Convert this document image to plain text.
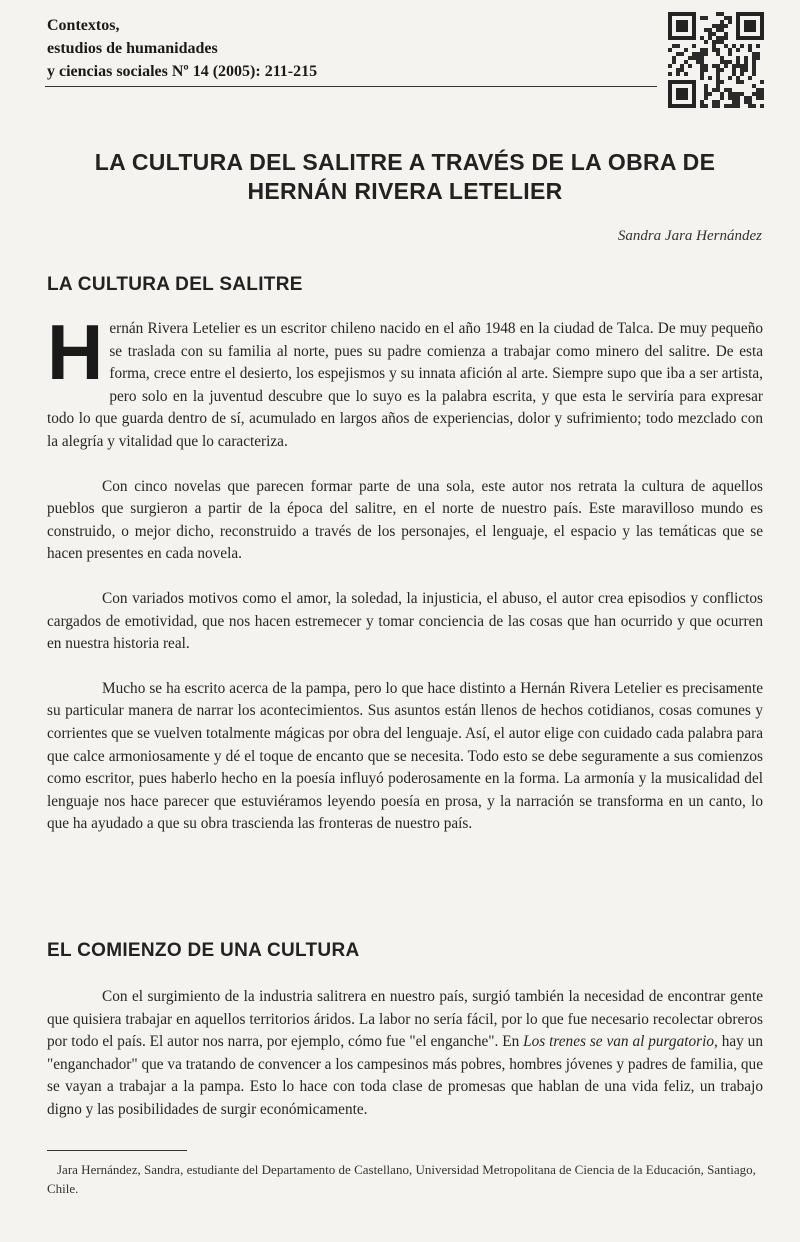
Contextos,
estudios de humanidades
y ciencias sociales Nº 14 (2005): 211-215
LA CULTURA DEL SALITRE A TRAVÉS DE LA OBRA DE
HERNÁN RIVERA LETELIER
Sandra Jara Hernández
LA CULTURA DEL SALITRE

Hernán Rivera Letelier es un escritor chileno nacido en el año 1948 en la ciudad de Talca. De muy pequeño se traslada con su familia al norte, pues su padre comienza a trabajar como minero del salitre. De esta forma, crece entre el desierto, los espejismos y su innata afición al arte. Siempre supo que iba a ser artista, pero solo en la juventud descubre que lo suyo es la palabra escrita, y que esta le serviría para expresar todo lo que guarda dentro de sí, acumulado en largos años de experiencias, dolor y sufrimiento; todo mezclado con la alegría y vitalidad que lo caracteriza.

Con cinco novelas que parecen formar parte de una sola, este autor nos retrata la cultura de aquellos pueblos que surgieron a partir de la época del salitre, en el norte de nuestro país. Este maravilloso mundo es construido, o mejor dicho, reconstruido a través de los personajes, el lenguaje, el espacio y las temáticas que se hacen presentes en cada novela.

Con variados motivos como el amor, la soledad, la injusticia, el abuso, el autor crea episodios y conflictos cargados de emotividad, que nos hacen estremecer y tomar conciencia de las cosas que han ocurrido y que ocurren en nuestra historia real.

Mucho se ha escrito acerca de la pampa, pero lo que hace distinto a Hernán Rivera Letelier es precisamente su particular manera de narrar los acontecimientos. Sus asuntos están llenos de hechos cotidianos, cosas comunes y corrientes que se vuelven totalmente mágicas por obra del lenguaje. Así, el autor elige con cuidado cada palabra para que calce armoniosamente y dé el toque de encanto que se necesita. Todo esto se debe seguramente a sus comienzos como escritor, pues haberlo hecho en la poesía influyó poderosamente en la forma. La armonía y la musicalidad del lenguaje nos hace parecer que estuviéramos leyendo poesía en prosa, y la narración se transforma en un canto, lo que ha ayudado a que su obra trascienda las fronteras de nuestro país.

EL COMIENZO DE UNA CULTURA

Con el surgimiento de la industria salitrera en nuestro país, surgió también la necesidad de encontrar gente que quisiera trabajar en aquellos territorios áridos. La labor no sería fácil, por lo que fue necesario recolectar obreros por todo el país. El autor nos narra, por ejemplo, cómo fue "el enganche". En Los trenes se van al purgatorio, hay un "enganchador" que va tratando de convencer a los campesinos más pobres, hombres jóvenes y padres de familia, que se vayan a trabajar a la pampa. Esto lo hace con toda clase de promesas que hablan de una vida feliz, un trabajo digno y las posibilidades de surgir económicamente.

Jara Hernández, Sandra, estudiante del Departamento de Castellano, Universidad Metropolitana de Ciencia de la Educación, Santiago, Chile.
